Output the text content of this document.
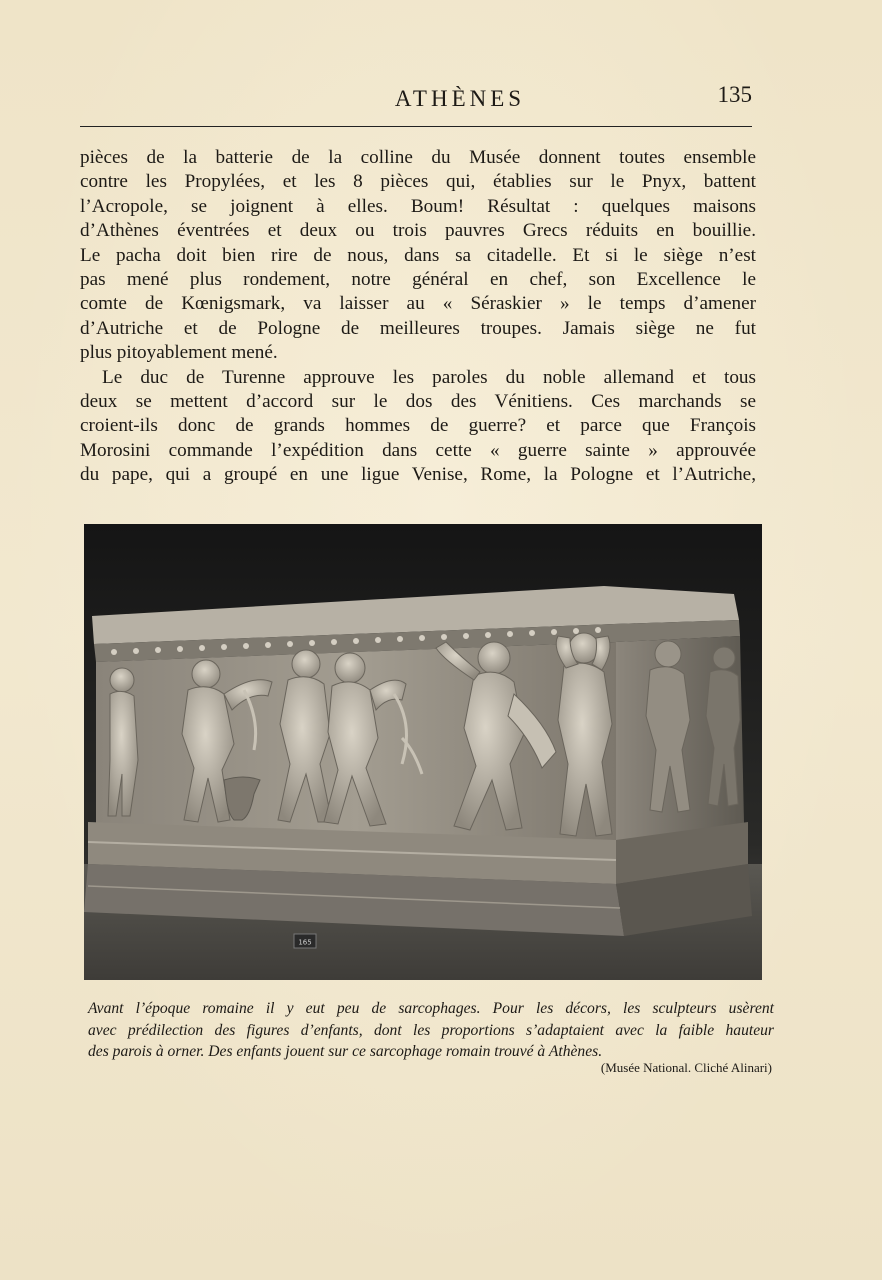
ATHÈNES	135
pièces de la batterie de la colline du Musée donnent toutes ensemble
contre les Propylées, et les 8 pièces qui, établies sur le Pnyx, battent
l’Acropole, se joignent à elles. Boum! Résultat : quelques maisons
d’Athènes éventrées et deux ou trois pauvres Grecs réduits en bouillie.
Le pacha doit bien rire de nous, dans sa citadelle. Et si le siège n’est
pas mené plus rondement, notre général en chef, son Excellence le
comte de Kœnigsmark, va laisser au « Séraskier » le temps d’amener
d’Autriche et de Pologne de meilleures troupes. Jamais siège ne fut
plus pitoyablement mené.
Le duc de Turenne approuve les paroles du noble allemand et tous
deux se mettent d’accord sur le dos des Vénitiens. Ces marchands se
croient-ils donc de grands hommes de guerre? et parce que François
Morosini commande l’expédition dans cette « guerre sainte » approuvée
du pape, qui a groupé en une ligue Venise, Rome, la Pologne et l’Autriche,
165
Avant l’époque romaine il y eut peu de sarcophages. Pour les décors, les sculpteurs usèrent
avec prédilection des figures d’enfants, dont les proportions s’adaptaient avec la faible hauteur
des parois à orner. Des enfants jouent sur ce sarcophage romain trouvé à Athènes.
(Musée National. Cliché Alinari)
